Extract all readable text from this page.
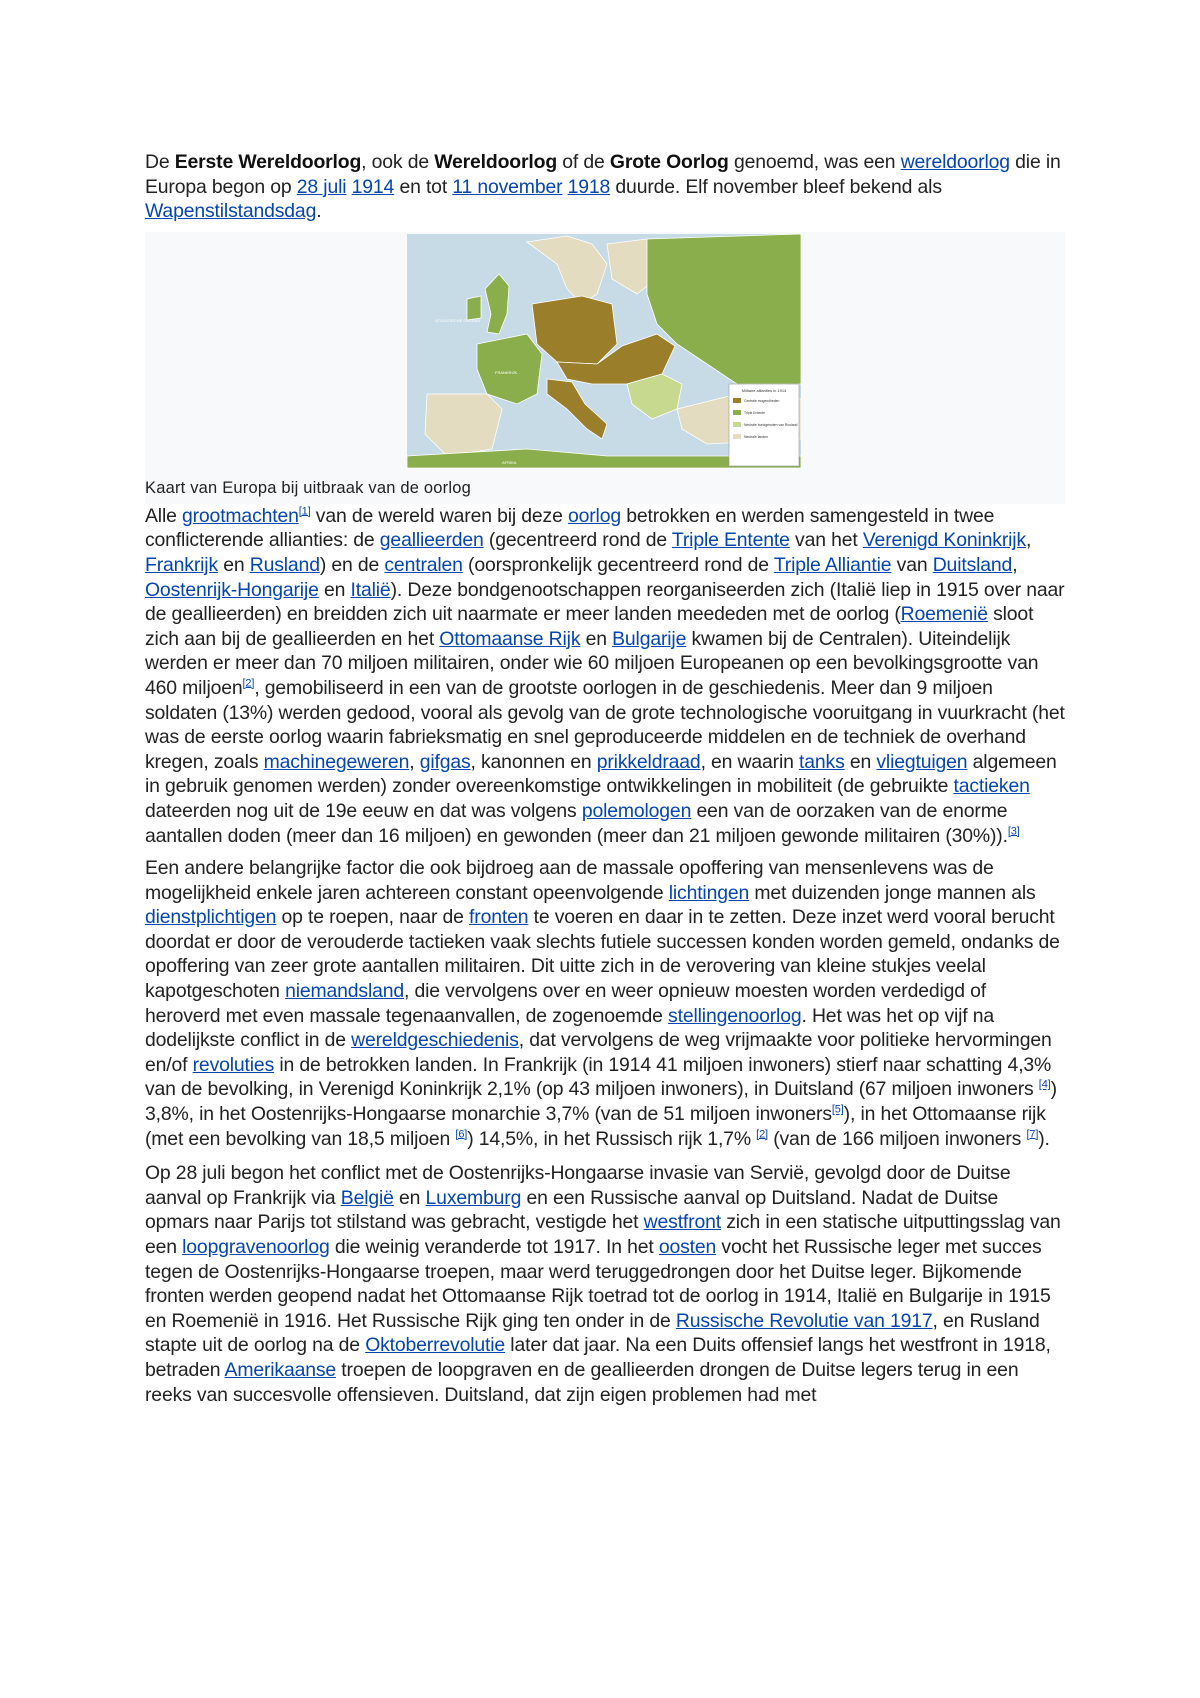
De Eerste Wereldoorlog, ook de Wereldoorlog of de Grote Oorlog genoemd, was een wereldoorlog die in Europa begon op 28 juli 1914 en tot 11 november 1918 duurde. Elf november bleef bekend als Wapenstilstandsdag.

Militaire allianties in 1914
Centrale mogendheden
Triple Entente
Neutrale bondgenoten van Rusland
Neutrale landen
ATLANTISCHE OCEAAN
FRANKRIJK
AFRIKA
Kaart van Europa bij uitbraak van de oorlog

Alle grootmachten[1] van de wereld waren bij deze oorlog betrokken en werden samengesteld in twee conflicterende allianties: de geallieerden (gecentreerd rond de Triple Entente van het Verenigd Koninkrijk, Frankrijk en Rusland) en de centralen (oorspronkelijk gecentreerd rond de Triple Alliantie van Duitsland, Oostenrijk-Hongarije en Italië). Deze bondgenootschappen reorganiseerden zich (Italië liep in 1915 over naar de geallieerden) en breidden zich uit naarmate er meer landen meededen met de oorlog (Roemenië sloot zich aan bij de geallieerden en het Ottomaanse Rijk en Bulgarije kwamen bij de Centralen). Uiteindelijk werden er meer dan 70 miljoen militairen, onder wie 60 miljoen Europeanen op een bevolkingsgrootte van 460 miljoen[2], gemobiliseerd in een van de grootste oorlogen in de geschiedenis. Meer dan 9 miljoen soldaten (13%) werden gedood, vooral als gevolg van de grote technologische vooruitgang in vuurkracht (het was de eerste oorlog waarin fabrieksmatig en snel geproduceerde middelen en de techniek de overhand kregen, zoals machinegeweren, gifgas, kanonnen en prikkeldraad, en waarin tanks en vliegtuigen algemeen in gebruik genomen werden) zonder overeenkomstige ontwikkelingen in mobiliteit (de gebruikte tactieken dateerden nog uit de 19e eeuw en dat was volgens polemologen een van de oorzaken van de enorme aantallen doden (meer dan 16 miljoen) en gewonden (meer dan 21 miljoen gewonde militairen (30%)).[3]

Een andere belangrijke factor die ook bijdroeg aan de massale opoffering van mensenlevens was de mogelijkheid enkele jaren achtereen constant opeenvolgende lichtingen met duizenden jonge mannen als dienstplichtigen op te roepen, naar de fronten te voeren en daar in te zetten. Deze inzet werd vooral berucht doordat er door de verouderde tactieken vaak slechts futiele successen konden worden gemeld, ondanks de opoffering van zeer grote aantallen militairen. Dit uitte zich in de verovering van kleine stukjes veelal kapotgeschoten niemandsland, die vervolgens over en weer opnieuw moesten worden verdedigd of heroverd met even massale tegenaanvallen, de zogenoemde stellingenoorlog. Het was het op vijf na dodelijkste conflict in de wereldgeschiedenis, dat vervolgens de weg vrijmaakte voor politieke hervormingen en/of revoluties in de betrokken landen. In Frankrijk (in 1914 41 miljoen inwoners) stierf naar schatting 4,3% van de bevolking, in Verenigd Koninkrijk 2,1% (op 43 miljoen inwoners), in Duitsland (67 miljoen inwoners [4]) 3,8%, in het Oostenrijks-Hongaarse monarchie 3,7% (van de 51 miljoen inwoners[5]), in het Ottomaanse rijk (met een bevolking van 18,5 miljoen [6]) 14,5%, in het Russisch rijk 1,7% [2] (van de 166 miljoen inwoners [7]).

Op 28 juli begon het conflict met de Oostenrijks-Hongaarse invasie van Servië, gevolgd door de Duitse aanval op Frankrijk via België en Luxemburg en een Russische aanval op Duitsland. Nadat de Duitse opmars naar Parijs tot stilstand was gebracht, vestigde het westfront zich in een statische uitputtingsslag van een loopgravenoorlog die weinig veranderde tot 1917. In het oosten vocht het Russische leger met succes tegen de Oostenrijks-Hongaarse troepen, maar werd teruggedrongen door het Duitse leger. Bijkomende fronten werden geopend nadat het Ottomaanse Rijk toetrad tot de oorlog in 1914, Italië en Bulgarije in 1915 en Roemenië in 1916. Het Russische Rijk ging ten onder in de Russische Revolutie van 1917, en Rusland stapte uit de oorlog na de Oktoberrevolutie later dat jaar. Na een Duits offensief langs het westfront in 1918, betraden Amerikaanse troepen de loopgraven en de geallieerden drongen de Duitse legers terug in een reeks van succesvolle offensieven. Duitsland, dat zijn eigen problemen had met
